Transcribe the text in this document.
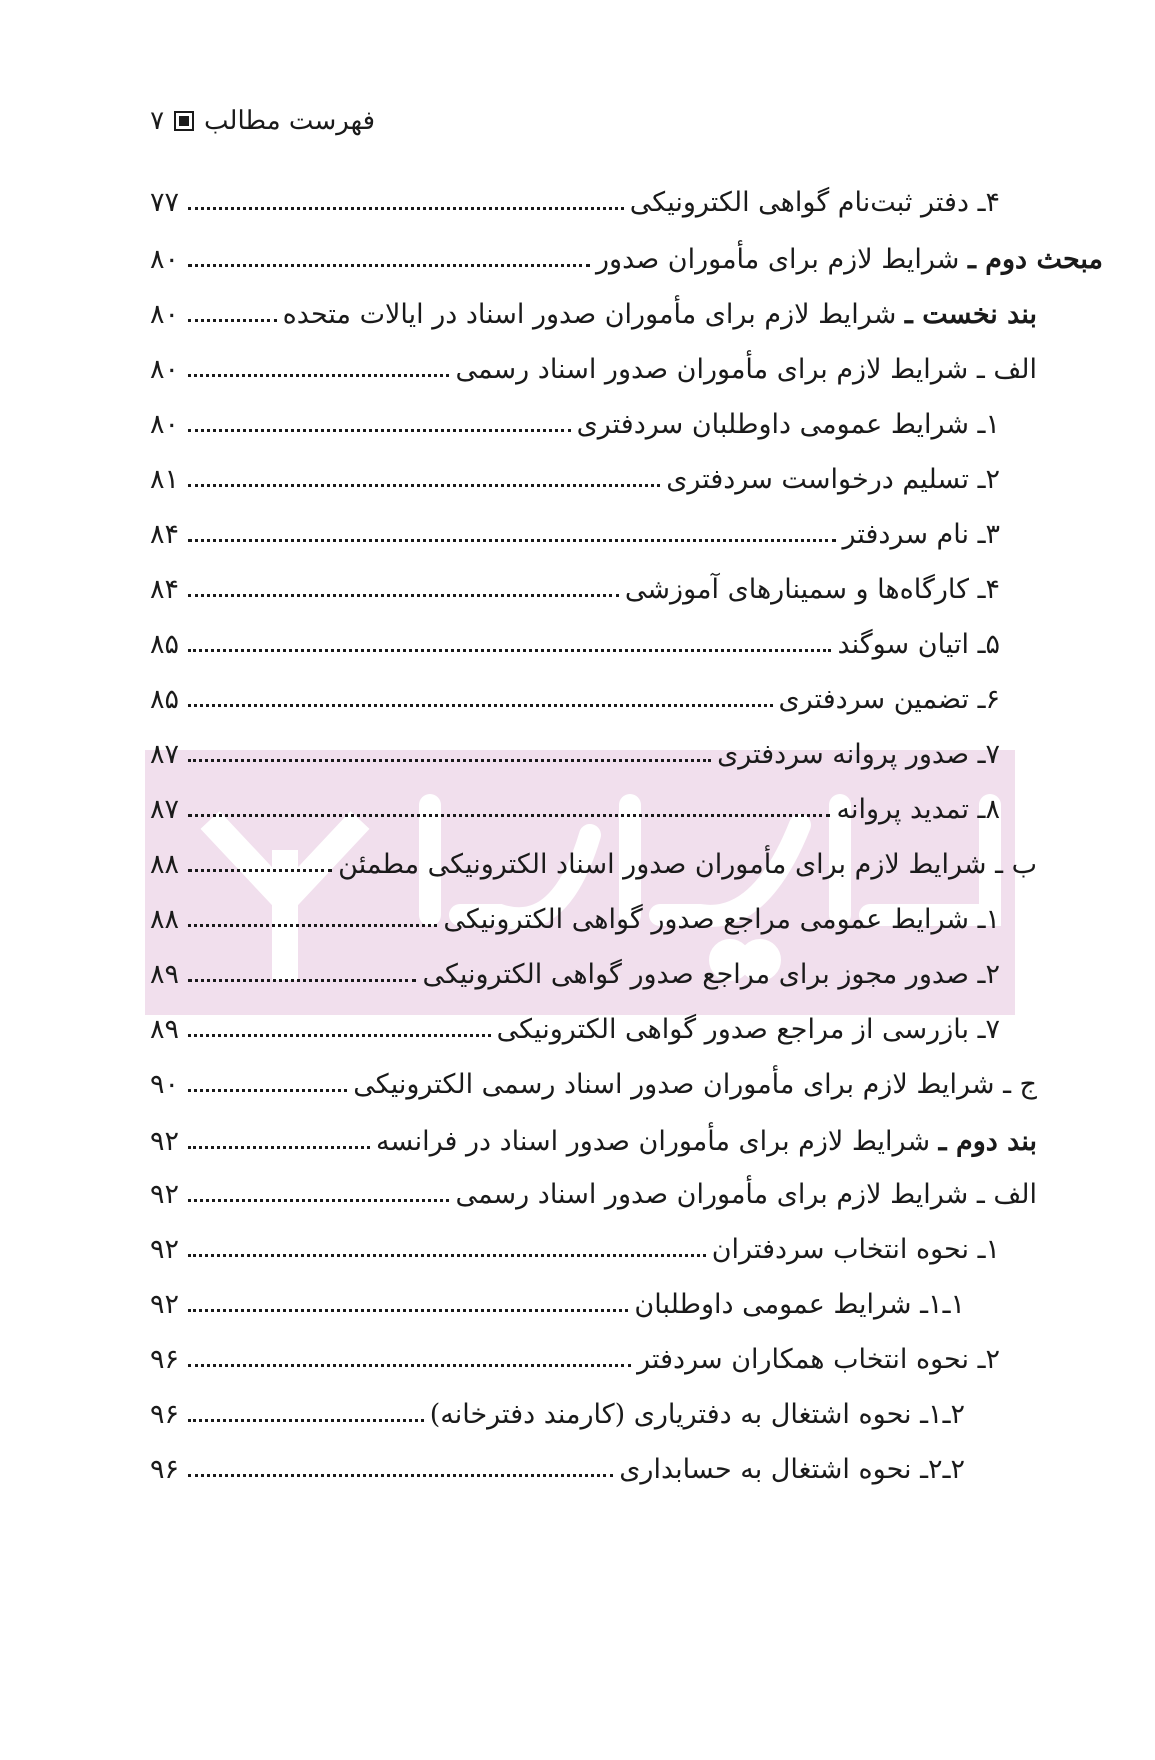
فهرست مطالب
۷
۴ـ دفتر ثبت‌نام گواهی الکترونیکی
۷۷
مبحث دوم ـ شرایط لازم برای مأموران صدور
۸۰
بند نخست ـ شرایط لازم برای مأموران صدور اسناد در ایالات متحده
۸۰
الف ـ شرایط لازم برای مأموران صدور اسناد رسمی
۸۰
۱ـ شرایط عمومی داوطلبان سردفتری
۸۰
۲ـ تسلیم درخواست سردفتری
۸۱
۳ـ نام سردفتر
۸۴
۴ـ کارگاه‌ها و سمینارهای آموزشی
۸۴
۵ـ اتیان سوگند
۸۵
۶ـ تضمین سردفتری
۸۵
۷ـ صدور پروانه سردفتری
۸۷
۸ـ تمدید پروانه
۸۷
ب ـ شرایط لازم برای مأموران صدور اسناد الکترونیکی مطمئن
۸۸
۱ـ شرایط عمومی مراجع صدور گواهی الکترونیکی
۸۸
۲ـ صدور مجوز برای مراجع صدور گواهی الکترونیکی
۸۹
۷ـ بازرسی از مراجع صدور گواهی الکترونیکی
۸۹
ج ـ شرایط لازم برای مأموران صدور اسناد رسمی الکترونیکی
۹۰
بند دوم ـ شرایط لازم برای مأموران صدور اسناد در فرانسه
۹۲
الف ـ شرایط لازم برای مأموران صدور اسناد رسمی
۹۲
۱ـ نحوه انتخاب سردفتران
۹۲
۱ـ۱ـ شرایط عمومی داوطلبان
۹۲
۲ـ نحوه انتخاب همکاران سردفتر
۹۶
۲ـ۱ـ نحوه اشتغال به دفتریاری (کارمند دفترخانه)
۹۶
۲ـ۲ـ نحوه اشتغال به حسابداری
۹۶
